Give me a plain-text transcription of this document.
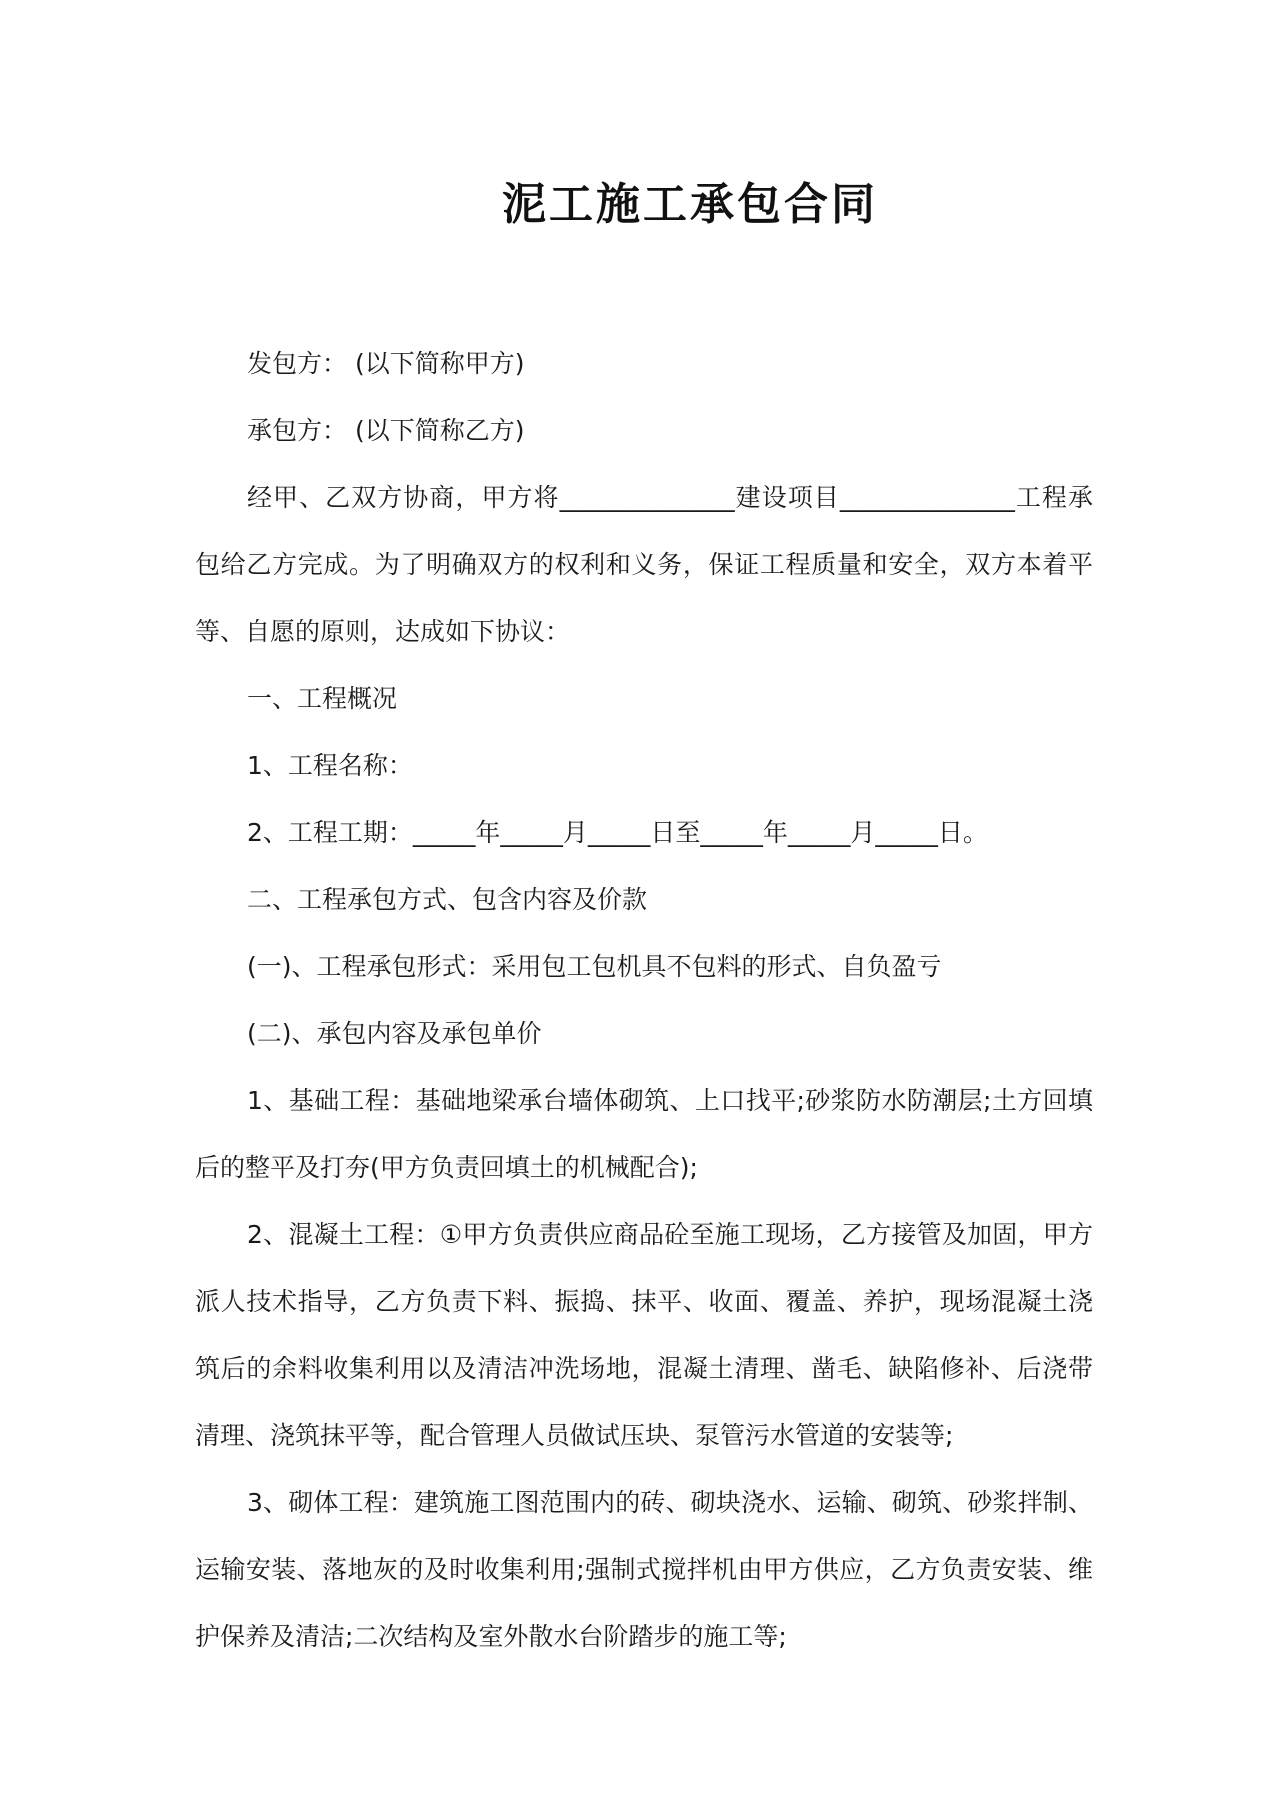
泥工施工承包合同

发包方： (以下简称甲方)

承包方： (以下简称乙方)

经甲、乙双方协商，甲方将______________建设项目______________工程承包给乙方完成。为了明确双方的权利和义务，保证工程质量和安全，双方本着平等、自愿的原则，达成如下协议：

一、工程概况

1、工程名称：

2、工程工期：_____年_____月_____日至_____年_____月_____日。

二、工程承包方式、包含内容及价款

(一)、工程承包形式：采用包工包机具不包料的形式、自负盈亏

(二)、承包内容及承包单价

1、基础工程：基础地梁承台墙体砌筑、上口找平;砂浆防水防潮层;土方回填后的整平及打夯(甲方负责回填土的机械配合);

2、混凝土工程：①甲方负责供应商品砼至施工现场，乙方接管及加固，甲方派人技术指导，乙方负责下料、振捣、抹平、收面、覆盖、养护，现场混凝土浇筑后的余料收集利用以及清洁冲洗场地，混凝土清理、凿毛、缺陷修补、后浇带清理、浇筑抹平等，配合管理人员做试压块、泵管污水管道的安装等;

3、砌体工程：建筑施工图范围内的砖、砌块浇水、运输、砌筑、砂浆拌制、运输安装、落地灰的及时收集利用;强制式搅拌机由甲方供应，乙方负责安装、维护保养及清洁;二次结构及室外散水台阶踏步的施工等;
